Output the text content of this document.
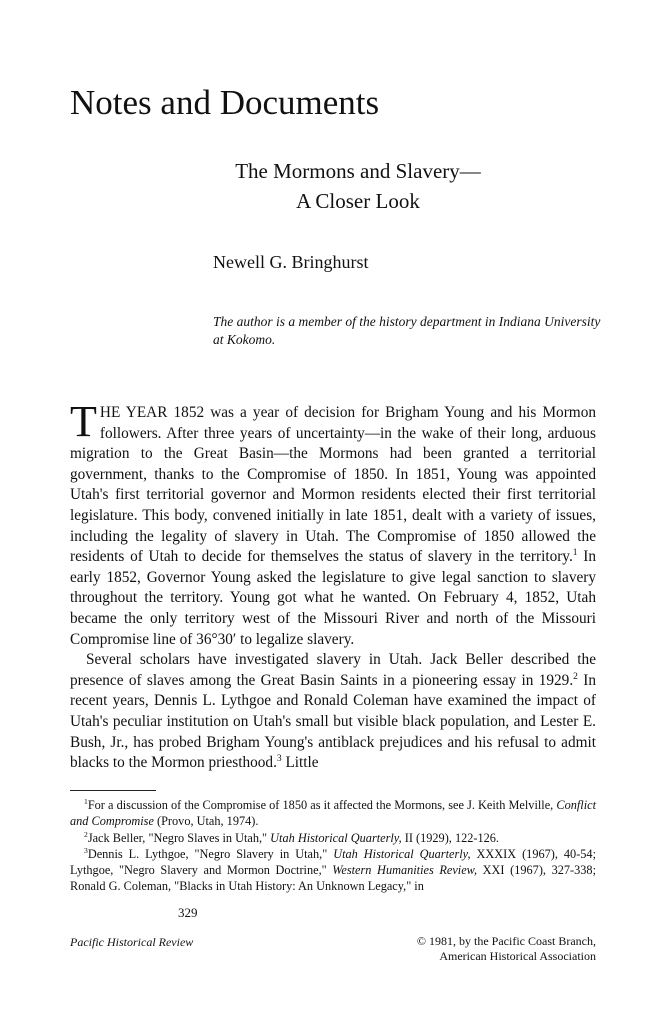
Notes and Documents
The Mormons and Slavery—
A Closer Look
Newell G. Bringhurst
The author is a member of the history department in Indiana University at Kokomo.

THE YEAR 1852 was a year of decision for Brigham Young and his Mormon followers. After three years of uncertainty—in the wake of their long, arduous migration to the Great Basin—the Mormons had been granted a territorial government, thanks to the Compromise of 1850. In 1851, Young was appointed Utah's first territorial governor and Mormon residents elected their first territorial legislature. This body, convened initially in late 1851, dealt with a variety of issues, including the legality of slavery in Utah. The Compromise of 1850 allowed the residents of Utah to decide for themselves the status of slavery in the territory.$^1$ In early 1852, Governor Young asked the legislature to give legal sanction to slavery throughout the territory. Young got what he wanted. On February 4, 1852, Utah became the only territory west of the Missouri River and north of the Missouri Compromise line of 36°30′ to legalize slavery.

Several scholars have investigated slavery in Utah. Jack Beller described the presence of slaves among the Great Basin Saints in a pioneering essay in 1929.$^2$ In recent years, Dennis L. Lythgoe and Ronald Coleman have examined the impact of Utah's peculiar institution on Utah's small but visible black population, and Lester E. Bush, Jr., has probed Brigham Young's antiblack prejudices and his refusal to admit blacks to the Mormon priesthood.$^3$ Little

$^1$For a discussion of the Compromise of 1850 as it affected the Mormons, see J. Keith Melville, Conflict and Compromise (Provo, Utah, 1974).

$^2$Jack Beller, "Negro Slaves in Utah," Utah Historical Quarterly, II (1929), 122-126.

$^3$Dennis L. Lythgoe, "Negro Slavery in Utah," Utah Historical Quarterly, XXXIX (1967), 40-54; Lythgoe, "Negro Slavery and Mormon Doctrine," Western Humanities Review, XXI (1967), 327-338; Ronald G. Coleman, "Blacks in Utah History: An Unknown Legacy," in

329
Pacific Historical Review	© 1981, by the Pacific Coast Branch,
American Historical Association
